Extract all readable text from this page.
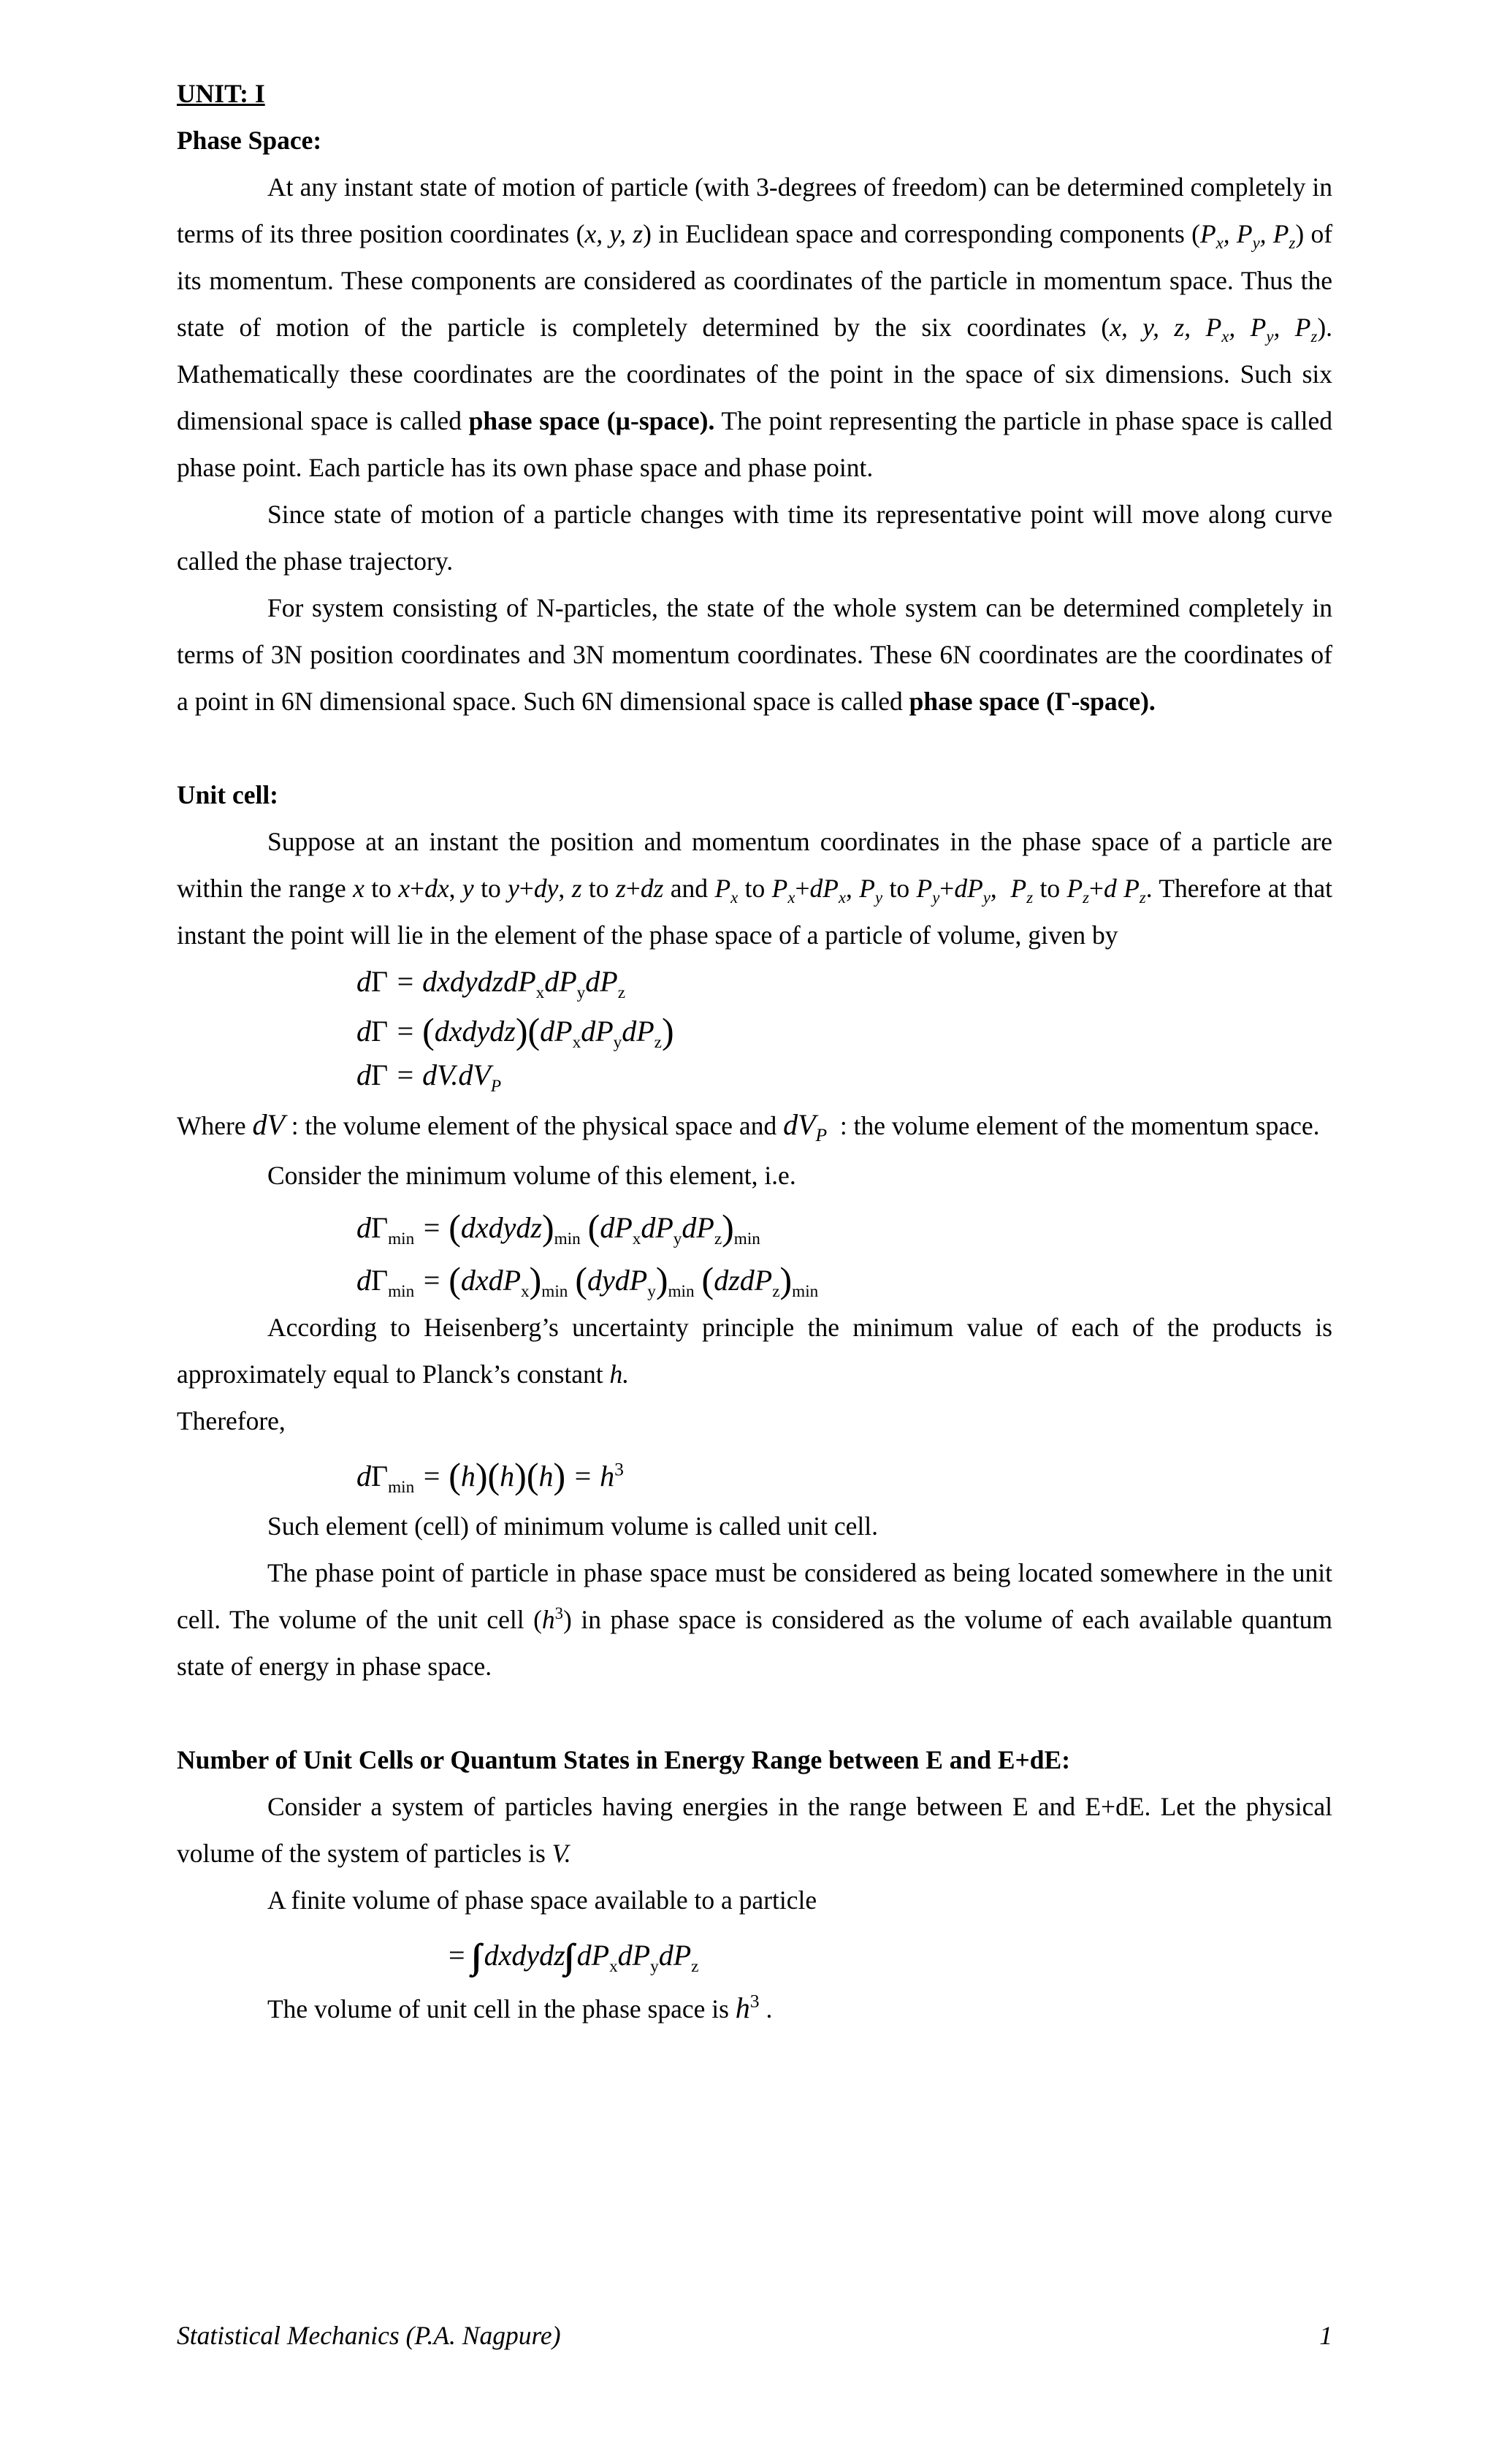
UNIT: I

Phase Space:

At any instant state of motion of particle (with 3-degrees of freedom) can be determined completely in terms of its three position coordinates (x, y, z) in Euclidean space and corresponding components ($P_x$, $P_y$, $P_z$) of its momentum. These components are considered as coordinates of the particle in momentum space. Thus the state of motion of the particle is completely determined by the six coordinates (x, y, z, $P_x$, $P_y$, $P_z$). Mathematically these coordinates are the coordinates of the point in the space of six dimensions. Such six dimensional space is called phase space (µ-space). The point representing the particle in phase space is called phase point. Each particle has its own phase space and phase point.

Since state of motion of a particle changes with time its representative point will move along curve called the phase trajectory.

For system consisting of N-particles, the state of the whole system can be determined completely in terms of 3N position coordinates and 3N momentum coordinates. These 6N coordinates are the coordinates of a point in 6N dimensional space. Such 6N dimensional space is called phase space (Γ-space).

Unit cell:

Suppose at an instant the position and momentum coordinates in the phase space of a particle are within the range x to x+dx, y to y+dy, z to z+dz and $P_x$ to $P_x+dP_x$, $P_y$ to $P_y+dP_y$,  $P_z$ to $P_z+d$ $P_z$. Therefore at that instant the point will lie in the element of the phase space of a particle of volume, given by

$d\Gamma = dxdydzdP_xdP_ydP_z$
$d\Gamma = (dxdydz)(dP_xdP_ydP_z)$
$d\Gamma = dV.dV_P$

Where dV : the volume element of the physical space and $dV_P$ : the volume element of the momentum space.

Consider the minimum volume of this element, i.e.

$d\Gamma_{min}$ = $(dxdydz)_{min}$ $(dP_xdP_ydP_z)_{min}$
$d\Gamma_{min}$ = $(dxdP_x)_{min}$ $(dydP_y)_{min}$ $(dzdP_z)_{min}$

According to Heisenberg’s uncertainty principle the minimum value of each of the products is approximately equal to Planck’s constant h.

Therefore,

$d\Gamma_{min} = (h)(h)(h) = h^3$

Such element (cell) of minimum volume is called unit cell.

The phase point of particle in phase space must be considered as being located somewhere in the unit cell. The volume of the unit cell $(h^3)$ in phase space is considered as the volume of each available quantum state of energy in phase space.

Number of Unit Cells or Quantum States in Energy Range between E and E+dE:

Consider a system of particles having energies in the range between E and E+dE. Let the physical volume of the system of particles is V.

A finite volume of phase space available to a particle

= dxdydz $dP_xdP_ydP_z$

The volume of unit cell in the phase space is $h^3$ .

Statistical Mechanics (P.A. Nagpure)	1
